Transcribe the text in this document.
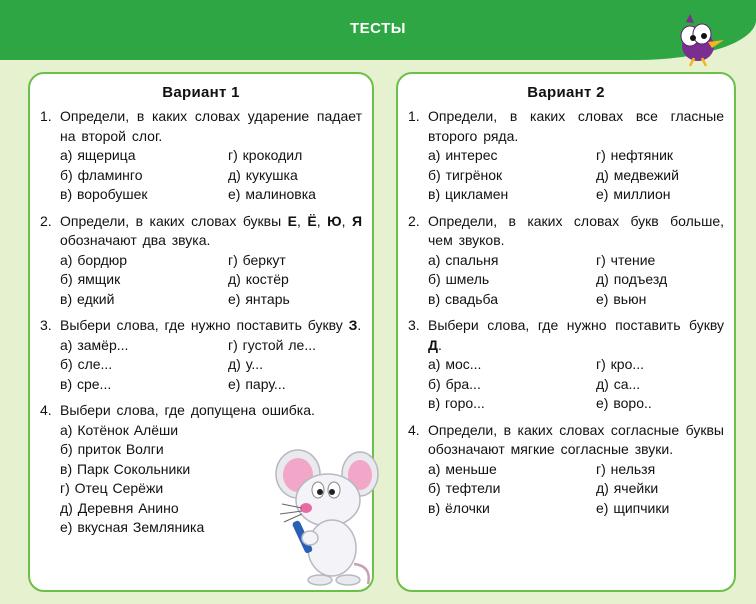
ТЕСТЫ
Вариант 1
1. Определи, в каких словах ударение падает на второй слог.
а) ящерица	г) крокодил
б) фламинго	д) кукушка
в) воробушек	е) малиновка
2. Определи, в каких словах буквы Е, Ё, Ю, Я обозначают два звука.
а) бордюр	г) беркут
б) ямщик	д) костёр
в) едкий	е) янтарь
3. Выбери слова, где нужно поставить букву З.
а) замёр...	г) густой ле...
б) сле...	д) у...
в) сре...	е) пару...
4. Выбери слова, где допущена ошибка.
а) Котёнок Алёши
б) приток Волги
в) Парк Сокольники
г) Отец Серёжи
д) Деревня Анино
е) вкусная Земляника
Вариант 2
1. Определи, в каких словах все гласные второго ряда.
а) интерес	г) нефтяник
б) тигрёнок	д) медвежий
в) цикламен	е) миллион
2. Определи, в каких словах букв больше, чем звуков.
а) спальня	г) чтение
б) шмель	д) подъезд
в) свадьба	е) вьюн
3. Выбери слова, где нужно поставить букву Д.
а) мос...	г) кро...
б) бра...	д) са...
в) горо...	е) воро..
4. Определи, в каких словах согласные буквы обозначают мягкие согласные звуки.
а) меньше	г) нельзя
б) тефтели	д) ячейки
в) ёлочки	е) щипчики
